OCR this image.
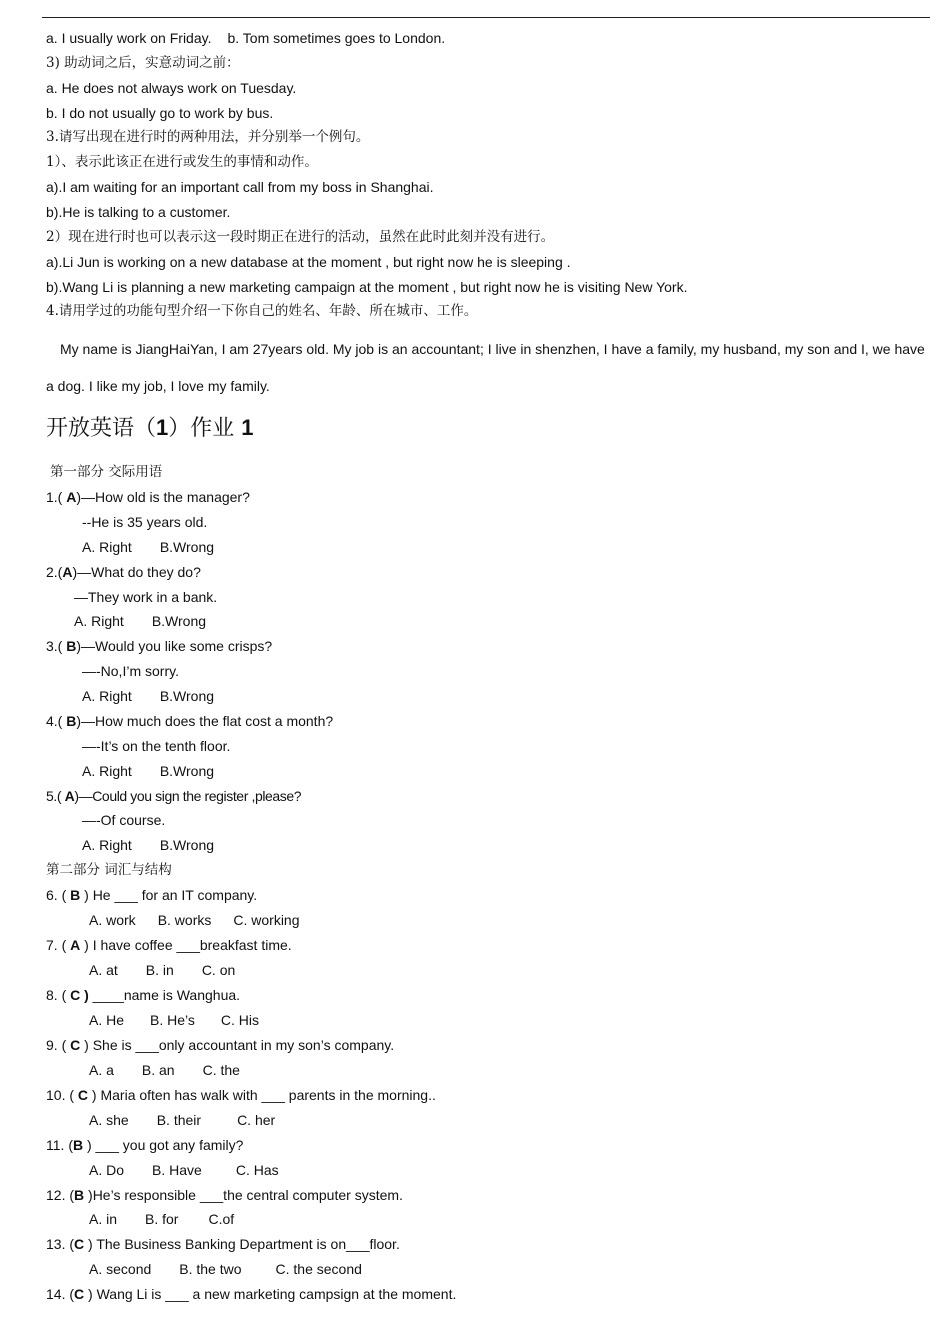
a. I usually work on Friday. b. Tom sometimes goes to London.
3) 助动词之后，实意动词之前：
a. He does not always work on Tuesday.
b. I do not usually go to work by bus.
3.请写出现在进行时的两种用法，并分别举一个例句。
1）、表示此该正在进行或发生的事情和动作。
a).I am waiting for an important call from my boss in Shanghai.
b).He is talking to a customer.
2）现在进行时也可以表示这一段时期正在进行的活动，虽然在此时此刻并没有进行。
a).Li Jun is working on a new database at the moment , but right now he is sleeping .
b).Wang Li is planning a new marketing campaign at the moment , but right now he is visiting New York.
4.请用学过的功能句型介绍一下你自己的姓名、年龄、所在城市、工作。
My name is JiangHaiYan, I am 27years old. My job is an accountant; I live in shenzhen, I have a family, my husband, my son and I, we have a dog. I like my job, I love my family.
开放英语（1）作业 1
第一部分 交际用语
1.( A)—How old is the manager?
--He is 35 years old.
A. Right B.Wrong
2.(A)—What do they do?
—They work in a bank.
A. Right B.Wrong
3.( B)—Would you like some crisps?
—-No,I’m sorry.
A. Right B.Wrong
4.( B)—How much does the flat cost a month?
—-It’s on the tenth floor.
A. Right B.Wrong
5.( A)—Could you sign the register ,please?
—-Of course.
A. Right B.Wrong
第二部分 词汇与结构
6. ( B ) He ___ for an IT company.
A. work B. works C. working
7. ( A ) I have coffee ___breakfast time.
A. at B. in C. on
8. ( C ) ____name is Wanghua.
A. He B. He’s C. His
9. ( C ) She is ___only accountant in my son’s company.
A. a B. an C. the
10. ( C ) Maria often has walk with ___ parents in the morning..
A. she B. their	C. her
11. (B ) ___ you got any family?
A. Do B. Have C. Has
12. (B )He’s responsible ___the central computer system.
A. in B. for C.of
13. (C ) The Business Banking Department is on___floor.
A. second B. the two C. the second
14. (C ) Wang Li is ___ a new marketing campsign at the moment.
